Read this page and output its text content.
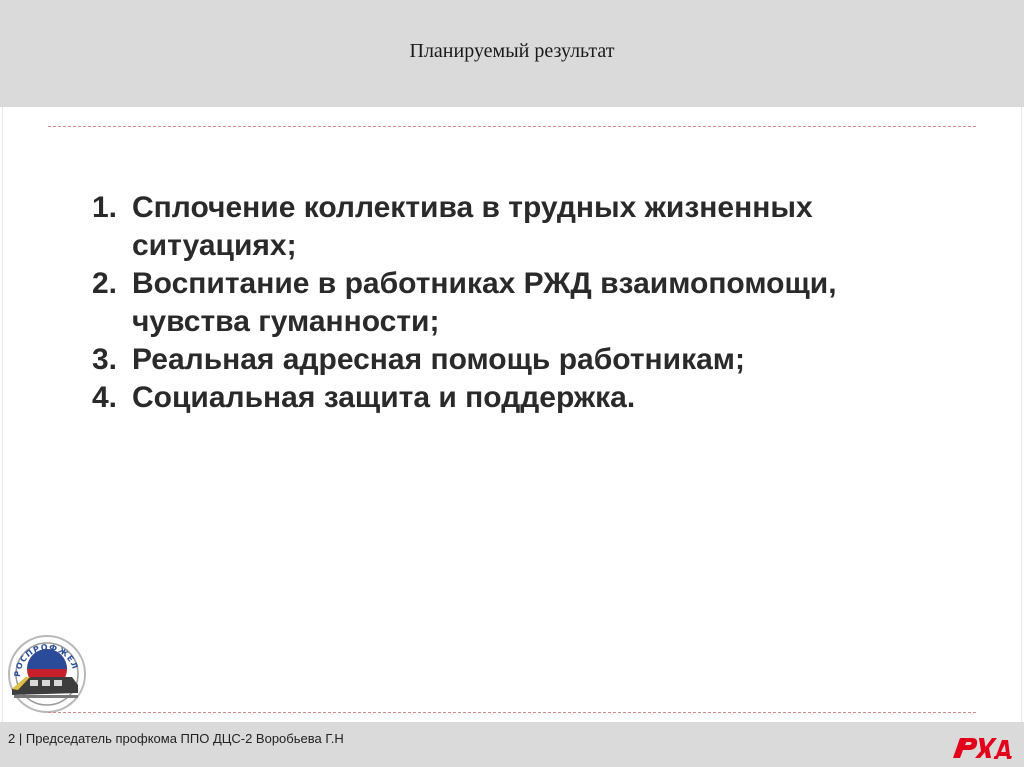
Планируемый результат
1. Сплочение коллектива в трудных жизненных ситуациях;
2. Воспитание в работниках РЖД взаимопомощи, чувства гуманности;
3. Реальная адресная помощь работникам;
4. Социальная защита и поддержка.
РОСПРОФЖЕЛ
2 | Председатель профкома ППО ДЦС-2 Воробьева Г.Н
